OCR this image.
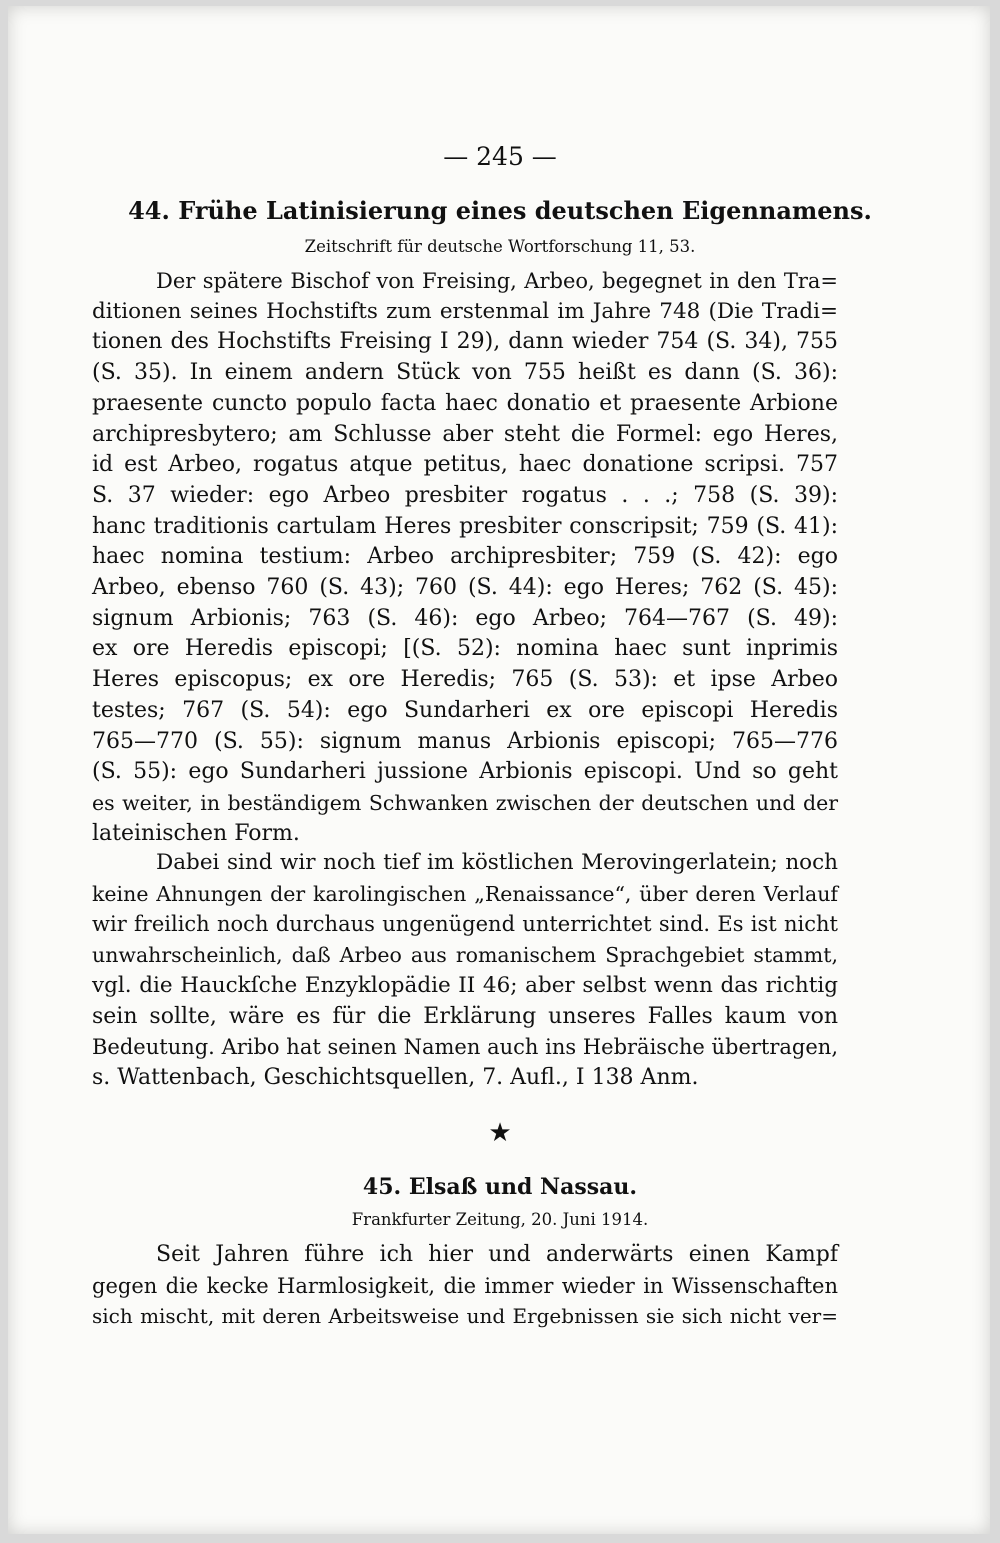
— 245 —
44. Frühe Latinisierung eines deutschen Eigennamens.
Zeitschrift für deutsche Wortforschung 11, 53.

Der spätere Bischof von Freising, Arbeo, begegnet in den Tra=

ditionen seines Hochstifts zum erstenmal im Jahre 748 (Die Tradi=

tionen des Hochstifts Freising I 29), dann wieder 754 (S. 34), 755

(S. 35). In einem andern Stück von 755 heißt es dann (S. 36):

praesente cuncto populo facta haec donatio et praesente Arbione

archipresbytero; am Schlusse aber steht die Formel: ego Heres,

id est Arbeo, rogatus atque petitus, haec donatione scripsi. 757

S. 37 wieder: ego Arbeo presbiter rogatus . . .; 758 (S. 39):

hanc traditionis cartulam Heres presbiter conscripsit; 759 (S. 41):

haec nomina testium: Arbeo archipresbiter; 759 (S. 42): ego

Arbeo, ebenso 760 (S. 43); 760 (S. 44): ego Heres; 762 (S. 45):

signum Arbionis; 763 (S. 46): ego Arbeo; 764—767 (S. 49):

ex ore Heredis episcopi; [(S. 52): nomina haec sunt inprimis

Heres episcopus; ex ore Heredis; 765 (S. 53): et ipse Arbeo

testes; 767 (S. 54): ego Sundarheri ex ore episcopi Heredis

765—770 (S. 55): signum manus Arbionis episcopi; 765—776

(S. 55): ego Sundarheri jussione Arbionis episcopi. Und so geht

es weiter, in beständigem Schwanken zwischen der deutschen und der

lateinischen Form.

Dabei sind wir noch tief im köstlichen Merovingerlatein; noch

keine Ahnungen der karolingischen „Renaissance“, über deren Verlauf

wir freilich noch durchaus ungenügend unterrichtet sind. Es ist nicht

unwahrscheinlich, daß Arbeo aus romanischem Sprachgebiet stammt,

vgl. die Hauckſche Enzyklopädie II 46; aber selbst wenn das richtig

sein sollte, wäre es für die Erklärung unseres Falles kaum von

Bedeutung. Aribo hat seinen Namen auch ins Hebräische übertragen,

s. Wattenbach, Geschichtsquellen, 7. Aufl., I 138 Anm.

★
45. Elsaß und Nassau.
Frankfurter Zeitung, 20. Juni 1914.

Seit Jahren führe ich hier und anderwärts einen Kampf

gegen die kecke Harmlosigkeit, die immer wieder in Wissenschaften

sich mischt, mit deren Arbeitsweise und Ergebnissen sie sich nicht ver=
